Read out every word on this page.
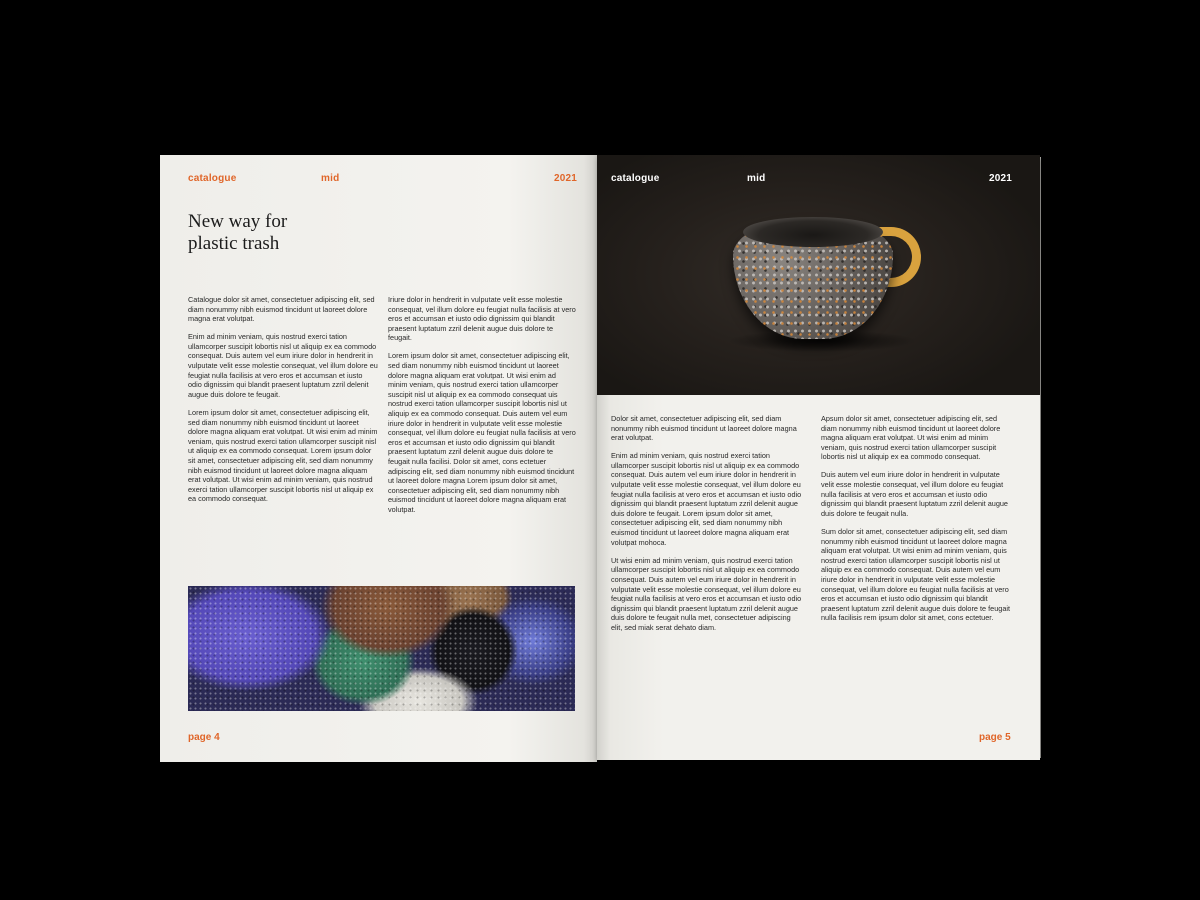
catalogue	mid	2021
New way for
plastic trash

Catalogue dolor sit amet, consectetuer adipiscing elit, sed diam nonummy nibh euismod tincidunt ut laoreet dolore magna erat volutpat.

Enim ad minim veniam, quis nostrud exerci tation ullamcorper suscipit lobortis nisl ut aliquip ex ea commodo consequat. Duis autem vel eum iriure dolor in hendrerit in vulputate velit esse molestie consequat, vel illum dolore eu feugiat nulla facilisis at vero eros et accumsan et iusto odio dignissim qui blandit praesent luptatum zzril delenit augue duis dolore te feugait.

Lorem ipsum dolor sit amet, consectetuer adipiscing elit, sed diam nonummy nibh euismod tincidunt ut laoreet dolore magna aliquam erat volutpat. Ut wisi enim ad minim veniam, quis nostrud exerci tation ullamcorper suscipit nisl ut aliquip ex ea commodo consequat. Lorem ipsum dolor sit amet, consectetuer adipiscing elit, sed diam nonummy nibh euismod tincidunt ut laoreet dolore magna aliquam erat volutpat. Ut wisi enim ad minim veniam, quis nostrud exerci tation ullamcorper suscipit lobortis nisl ut aliquip ex ea commodo consequat.

Iriure dolor in hendrerit in vulputate velit esse molestie consequat, vel illum dolore eu feugiat nulla facilisis at vero eros et accumsan et iusto odio dignissim qui blandit praesent luptatum zzril delenit augue duis dolore te feugait.

Lorem ipsum dolor sit amet, consectetuer adipiscing elit, sed diam nonummy nibh euismod tincidunt ut laoreet dolore magna aliquam erat volutpat. Ut wisi enim ad minim veniam, quis nostrud exerci tation ullamcorper suscipit nisl ut aliquip ex ea commodo consequat uis nostrud exerci tation ullamcorper suscipit lobortis nisl ut aliquip ex ea commodo consequat. Duis autem vel eum iriure dolor in hendrerit in vulputate velit esse molestie consequat, vel illum dolore eu feugiat nulla facilisis at vero eros et accumsan et iusto odio dignissim qui blandit praesent luptatum zzril delenit augue duis dolore te feugait nulla facilisi. Dolor sit amet, cons ectetuer adipiscing elit, sed diam nonummy nibh euismod tincidunt ut laoreet dolore magna Lorem ipsum dolor sit amet, consectetuer adipiscing elit, sed diam nonummy nibh euismod tincidunt ut laoreet dolore magna aliquam erat volutpat.

page 4
catalogue	mid	2021

Dolor sit amet, consectetuer adipiscing elit, sed diam nonummy nibh euismod tincidunt ut laoreet dolore magna erat volutpat.

Enim ad minim veniam, quis nostrud exerci tation ullamcorper suscipit lobortis nisl ut aliquip ex ea commodo consequat. Duis autem vel eum iriure dolor in hendrerit in vulputate velit esse molestie consequat, vel illum dolore eu feugiat nulla facilisis at vero eros et accumsan et iusto odio dignissim qui blandit praesent luptatum zzril delenit augue duis dolore te feugait. Lorem ipsum dolor sit amet, consectetuer adipiscing elit, sed diam nonummy nibh euismod tincidunt ut laoreet dolore magna aliquam erat volutpat mohoca.

Ut wisi enim ad minim veniam, quis nostrud exerci tation ullamcorper suscipit lobortis nisl ut aliquip ex ea commodo consequat. Duis autem vel eum iriure dolor in hendrerit in vulputate velit esse molestie consequat, vel illum dolore eu feugiat nulla facilisis at vero eros et accumsan et iusto odio dignissim qui blandit praesent luptatum zzril delenit augue duis dolore te feugait nulla met, consectetuer adipiscing elit, sed miak serat dehato diam.

Apsum dolor sit amet, consectetuer adipiscing elit, sed diam nonummy nibh euismod tincidunt ut laoreet dolore magna aliquam erat volutpat. Ut wisi enim ad minim veniam, quis nostrud exerci tation ullamcorper suscipit lobortis nisl ut aliquip ex ea commodo consequat.

Duis autem vel eum iriure dolor in hendrerit in vulputate velit esse molestie consequat, vel illum dolore eu feugiat nulla facilisis at vero eros et accumsan et iusto odio dignissim qui blandit praesent luptatum zzril delenit augue duis dolore te feugait nulla.

Sum dolor sit amet, consectetuer adipiscing elit, sed diam nonummy nibh euismod tincidunt ut laoreet dolore magna aliquam erat volutpat. Ut wisi enim ad minim veniam, quis nostrud exerci tation ullamcorper suscipit lobortis nisl ut aliquip ex ea commodo consequat. Duis autem vel eum iriure dolor in hendrerit in vulputate velit esse molestie consequat, vel illum dolore eu feugiat nulla facilisis at vero eros et accumsan et iusto odio dignissim qui blandit praesent luptatum zzril delenit augue duis dolore te feugait nulla facilisis rem ipsum dolor sit amet, cons ectetuer.

page 5
